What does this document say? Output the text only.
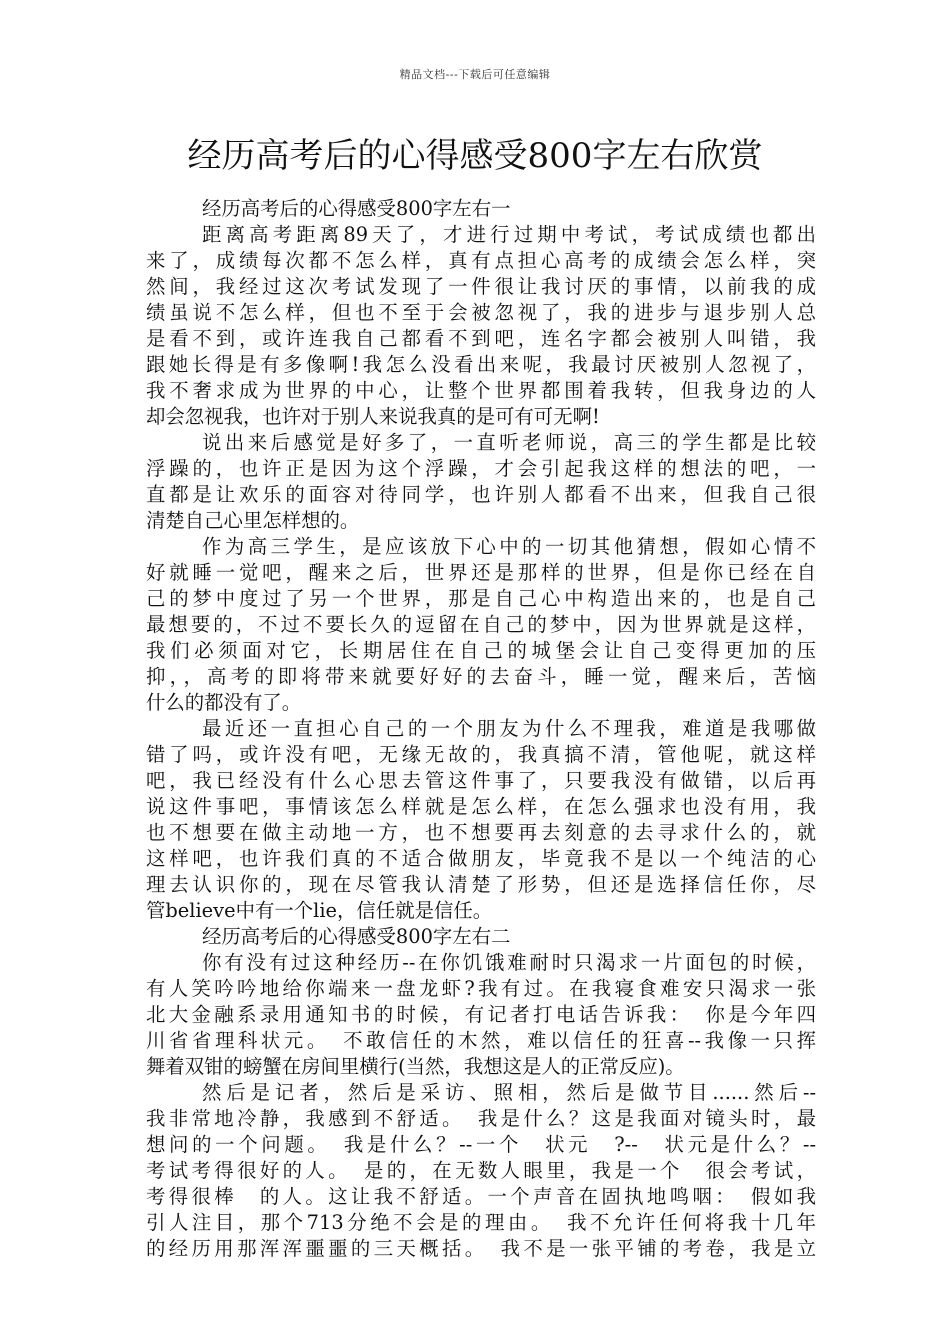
精品文档---下载后可任意编辑
经历高考后的心得感受800字左右欣赏
经历高考后的心得感受800字左右一
距离高考距离89天了，才进行过期中考试，考试成绩也都出
来了，成绩每次都不怎么样，真有点担心高考的成绩会怎么样，突
然间，我经过这次考试发现了一件很让我讨厌的事情，以前我的成
绩虽说不怎么样，但也不至于会被忽视了，我的进步与退步别人总
是看不到，或许连我自己都看不到吧，连名字都会被别人叫错，我
跟她长得是有多像啊!我怎么没看出来呢，我最讨厌被别人忽视了，
我不奢求成为世界的中心，让整个世界都围着我转，但我身边的人
却会忽视我，也许对于别人来说我真的是可有可无啊!
说出来后感觉是好多了，一直听老师说，高三的学生都是比较
浮躁的，也许正是因为这个浮躁，才会引起我这样的想法的吧，一
直都是让欢乐的面容对待同学，也许别人都看不出来，但我自己很
清楚自己心里怎样想的。
作为高三学生，是应该放下心中的一切其他猜想，假如心情不
好就睡一觉吧，醒来之后，世界还是那样的世界，但是你已经在自
己的梦中度过了另一个世界，那是自己心中构造出来的，也是自己
最想要的，不过不要长久的逗留在自己的梦中，因为世界就是这样，
我们必须面对它，长期居住在自己的城堡会让自己变得更加的压
抑，，高考的即将带来就要好好的去奋斗，睡一觉，醒来后，苦恼
什么的都没有了。
最近还一直担心自己的一个朋友为什么不理我，难道是我哪做
错了吗，或许没有吧，无缘无故的，我真搞不清，管他呢，就这样
吧，我已经没有什么心思去管这件事了，只要我没有做错，以后再
说这件事吧，事情该怎么样就是怎么样，在怎么强求也没有用，我
也不想要在做主动地一方，也不想要再去刻意的去寻求什么的，就
这样吧，也许我们真的不适合做朋友，毕竟我不是以一个纯洁的心
理去认识你的，现在尽管我认清楚了形势，但还是选择信任你，尽
管believe中有一个lie，信任就是信任。
经历高考后的心得感受800字左右二
你有没有过这种经历--在你饥饿难耐时只渴求一片面包的时候，
有人笑吟吟地给你端来一盘龙虾?我有过。在我寝食难安只渴求一张
北大金融系录用通知书的时候，有记者打电话告诉我：　你是今年四
川省省理科状元。　不敢信任的木然，难以信任的狂喜--我像一只挥
舞着双钳的螃蟹在房间里横行(当然，我想这是人的正常反应)。
然后是记者，然后是采访、照相，然后是做节目......然后--
我非常地冷静，我感到不舒适。　我是什么？这是我面对镜头时，最
想问的一个问题。　我是什么？--一个　状元　?--　状元是什么？--
考试考得很好的人。　是的，在无数人眼里，我是一个　很会考试，
考得很棒　的人。这让我不舒适。一个声音在固执地鸣咽：　假如我
引人注目，那个713分绝不会是的理由。　我不允许任何将我十几年
的经历用那浑浑噩噩的三天概括。　我不是一张平铺的考卷，我是立
